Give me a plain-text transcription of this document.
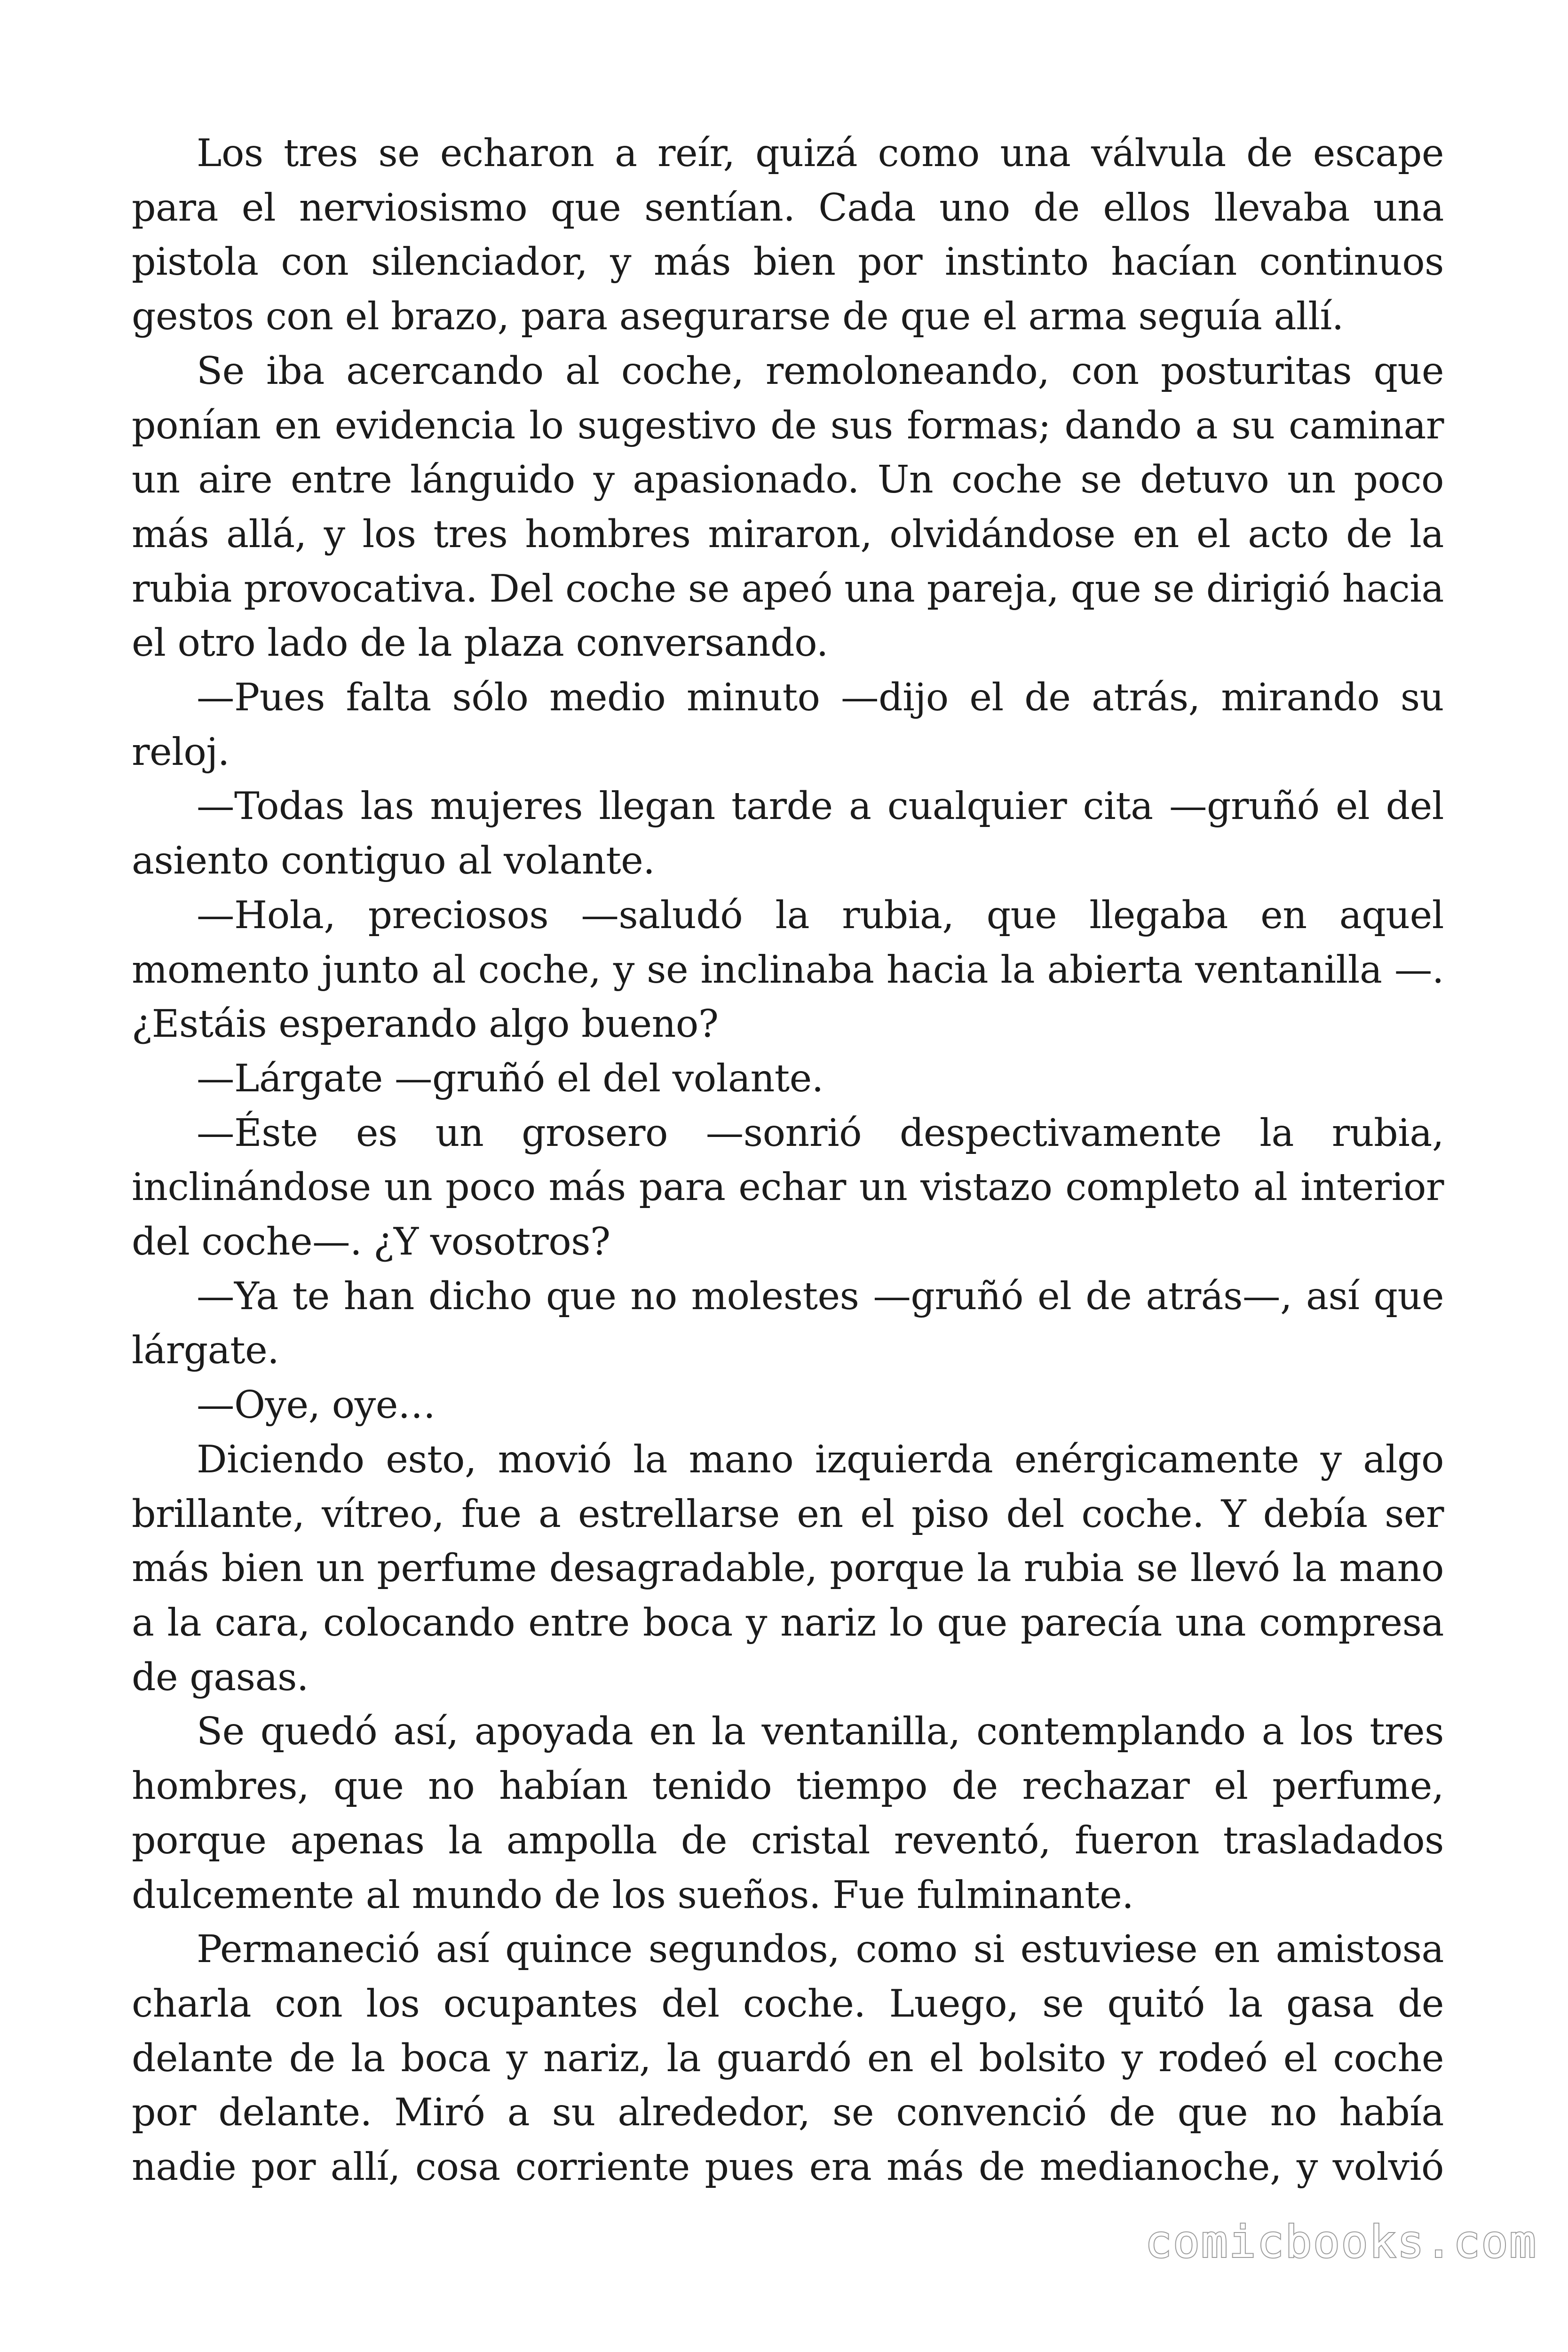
Los tres se echaron a reír, quizá como una válvula de escape para el nerviosismo que sentían. Cada uno de ellos llevaba una pistola con silenciador, y más bien por instinto hacían continuos gestos con el brazo, para asegurarse de que el arma seguía allí.

Se iba acercando al coche, remoloneando, con posturitas que ponían en evidencia lo sugestivo de sus formas; dando a su caminar un aire entre lánguido y apasionado. Un coche se detuvo un poco más allá, y los tres hombres miraron, olvidándose en el acto de la rubia provocativa. Del coche se apeó una pareja, que se dirigió hacia el otro lado de la plaza conversando.

—Pues falta sólo medio minuto —dijo el de atrás, mirando su reloj.

—Todas las mujeres llegan tarde a cualquier cita —gruñó el del asiento contiguo al volante.

—Hola, preciosos —saludó la rubia, que llegaba en aquel momento junto al coche, y se inclinaba hacia la abierta ventanilla —. ¿Estáis esperando algo bueno?

—Lárgate —gruñó el del volante.

—Éste es un grosero —sonrió despectivamente la rubia, inclinándose un poco más para echar un vistazo completo al interior del coche—. ¿Y vosotros?

—Ya te han dicho que no molestes —gruñó el de atrás—, así que lárgate.

—Oye, oye…

Diciendo esto, movió la mano izquierda enérgicamente y algo brillante, vítreo, fue a estrellarse en el piso del coche. Y debía ser más bien un perfume desagradable, porque la rubia se llevó la mano a la cara, colocando entre boca y nariz lo que parecía una compresa de gasas.

Se quedó así, apoyada en la ventanilla, contemplando a los tres hombres, que no habían tenido tiempo de rechazar el perfume, porque apenas la ampolla de cristal reventó, fueron trasladados dulcemente al mundo de los sueños. Fue fulminante.

Permaneció así quince segundos, como si estuviese en amistosa charla con los ocupantes del coche. Luego, se quitó la gasa de delante de la boca y nariz, la guardó en el bolsito y rodeó el coche por delante. Miró a su alrededor, se convenció de que no había nadie por allí, cosa corriente pues era más de medianoche, y volvió

comicbooks.com
